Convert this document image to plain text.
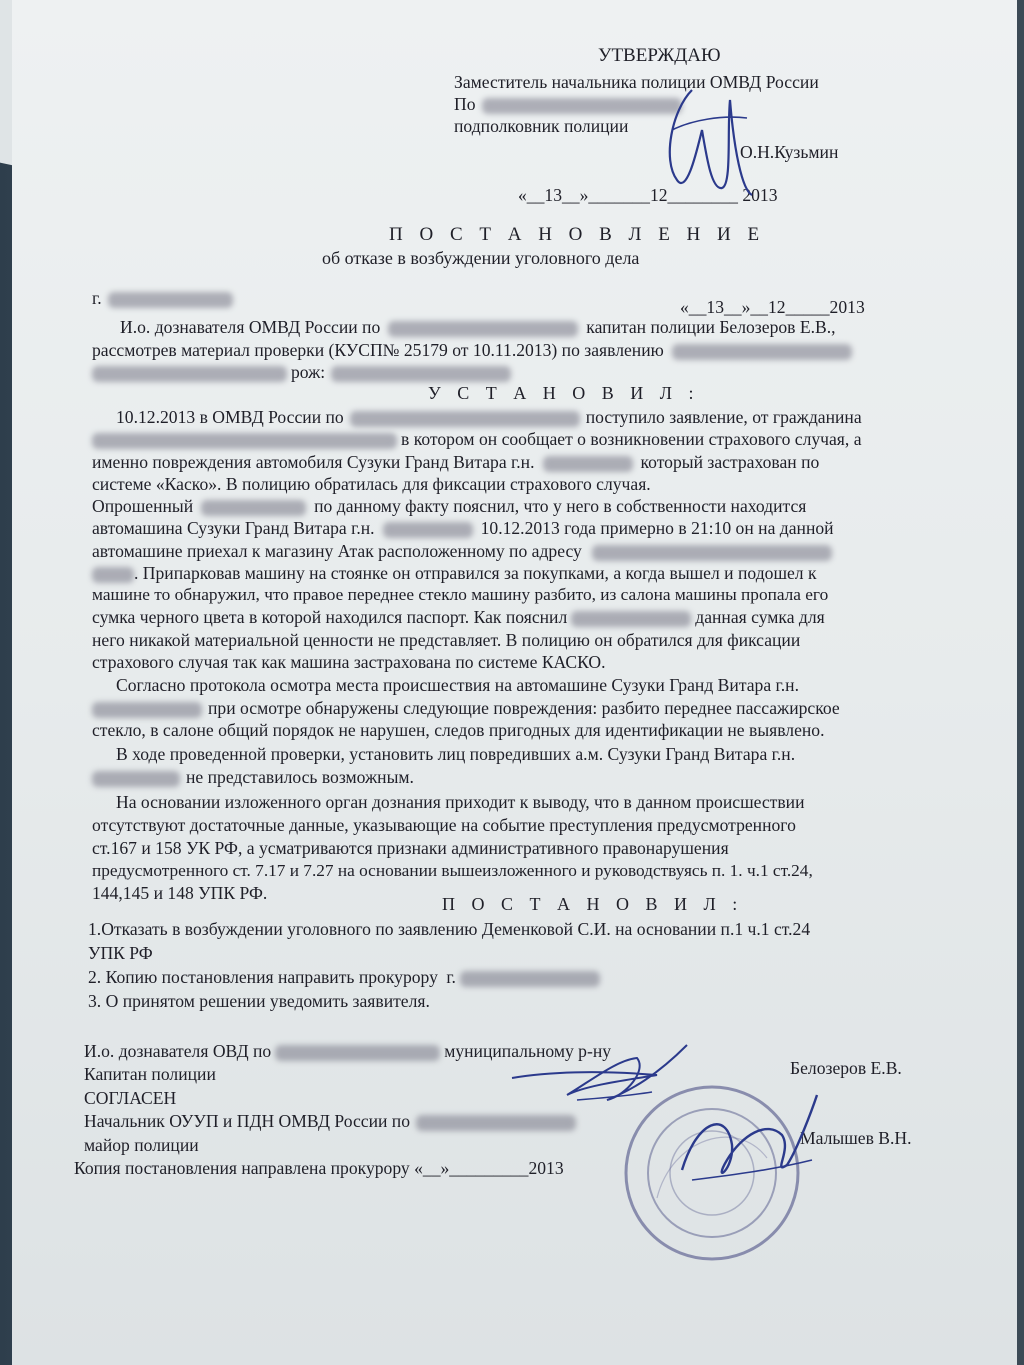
УТВЕРЖДАЮ
Заместитель начальника полиции ОМВД России
По
подполковник полиции
О.Н.Кузьмин
«__13__»_______12________ 2013
П О С Т А Н О В Л Е Н И Е
об отказе в возбуждении уголовного дела
г.	«__13__»__12_____2013
И.о. дознавателя ОМВД России по	капитан полиции Белозеров Е.В.,
рассмотрев материал проверки (КУСП№ 25179 от 10.11.2013) по заявлению
рож:
У С Т А Н О В И Л :
10.12.2013 в ОМВД России по	поступило заявление, от гражданина
в котором он сообщает о возникновении страхового случая, а
именно повреждения автомобиля Сузуки Гранд Витара г.н.	который застрахован по
системе «Каско». В полицию обратилась для фиксации страхового случая.
Опрошенный	по данному факту пояснил, что у него в собственности находится
автомашина Сузуки Гранд Витара г.н.	10.12.2013 года примерно в 21:10 он на данной
автомашине приехал к магазину Атак расположенному по адресу
. Припарковав машину на стоянке он отправился за покупками, а когда вышел и подошел к
машине то обнаружил, что правое переднее стекло машину разбито, из салона машины пропала его
сумка черного цвета в которой находился паспорт. Как пояснил	данная сумка для
него никакой материальной ценности не представляет. В полицию он обратился для фиксации
страхового случая так как машина застрахована по системе КАСКО.
Согласно протокола осмотра места происшествия на автомашине Сузуки Гранд Витара г.н.
при осмотре обнаружены следующие повреждения: разбито переднее пассажирское
стекло, в салоне общий порядок не нарушен, следов пригодных для идентификации не выявлено.
В ходе проведенной проверки, установить лиц повредивших а.м. Сузуки Гранд Витара г.н.
не представилось возможным.
На основании изложенного орган дознания приходит к выводу, что в данном происшествии
отсутствуют достаточные данные, указывающие на событие преступления предусмотренного
ст.167 и 158 УК РФ, а усматриваются признаки административного правонарушения
предусмотренного ст. 7.17 и 7.27 на основании вышеизложенного и руководствуясь п. 1. ч.1 ст.24,
144,145 и 148 УПК РФ.
П О С Т А Н О В И Л :
1.Отказать в возбуждении уголовного по заявлению Деменковой С.И. на основании п.1 ч.1 ст.24
УПК РФ
2. Копию постановления направить прокурору г.
3. О принятом решении уведомить заявителя.
И.о. дознавателя ОВД по	муниципальному р-ну
Капитан полиции	Белозеров Е.В.
СОГЛАСЕН
Начальник ОУУП и ПДН ОМВД России по
майор полиции	Малышев В.Н.
Копия постановления направлена прокурору «__»_________2013
